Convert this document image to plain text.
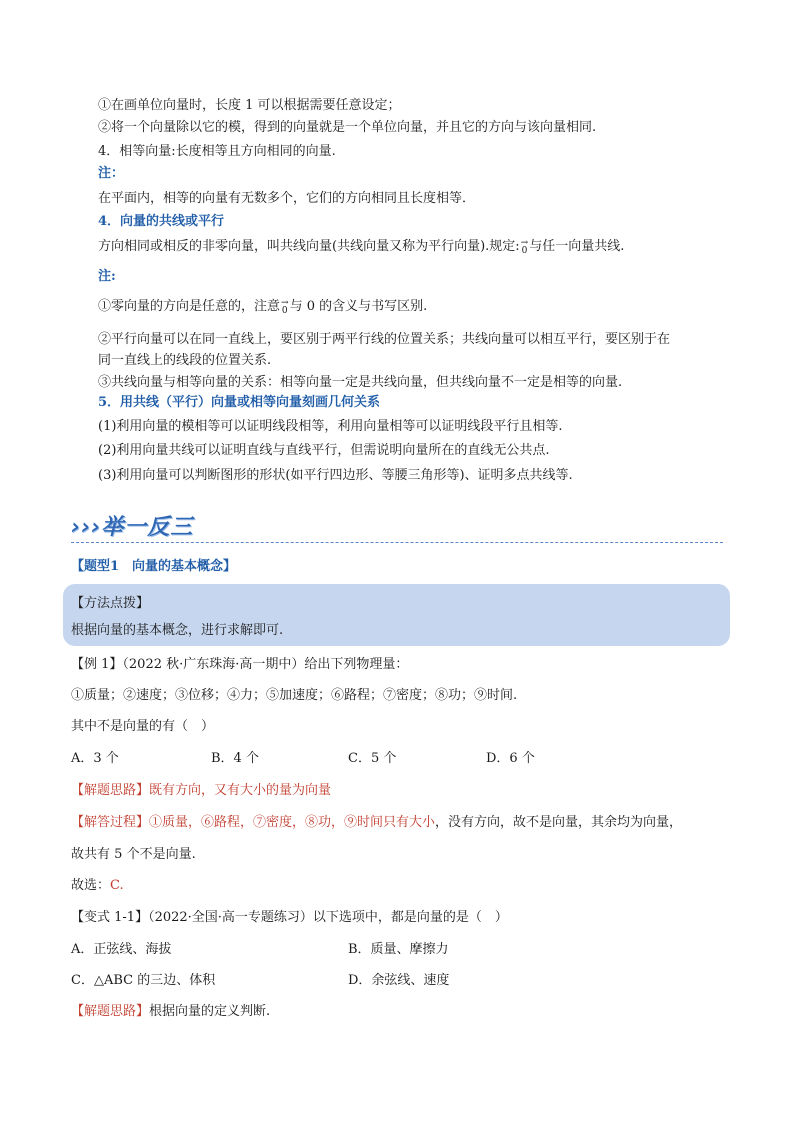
①在画单位向量时，长度 1 可以根据需要任意设定；
②将一个向量除以它的模，得到的向量就是一个单位向量，并且它的方向与该向量相同.
4．相等向量:长度相等且方向相同的向量.
注：
在平面内，相等的向量有无数多个，它们的方向相同且长度相等．
4．向量的共线或平行
方向相同或相反的非零向量，叫共线向量(共线向量又称为平行向量).规定: →
0 与任一向量共线.
注:
①零向量的方向是任意的，注意 →
0 与 0 的含义与书写区别.
②平行向量可以在同一直线上，要区别于两平行线的位置关系；共线向量可以相互平行，要区别于在
同一直线上的线段的位置关系.
③共线向量与相等向量的关系：相等向量一定是共线向量，但共线向量不一定是相等的向量.
5．用共线（平行）向量或相等向量刻画几何关系
(1)利用向量的模相等可以证明线段相等，利用向量相等可以证明线段平行且相等.
(2)利用向量共线可以证明直线与直线平行，但需说明向量所在的直线无公共点.
(3)利用向量可以判断图形的形状(如平行四边形、等腰三角形等)、证明多点共线等.
›››举一反三
【题型1　向量的基本概念】
【方法点拨】
根据向量的基本概念，进行求解即可.
【例 1】（2022 秋·广东珠海·高一期中）给出下列物理量：
①质量；②速度；③位移；④力；⑤加速度；⑥路程；⑦密度；⑧功；⑨时间.
其中不是向量的有（　）
A．3 个	B．4 个	C．5 个	D．6 个
【解题思路】既有方向，又有大小的量为向量
【解答过程】①质量，⑥路程，⑦密度，⑧功，⑨时间只有大小，没有方向，故不是向量，其余均为向量，
故共有 5 个不是向量.
故选：C.
【变式 1-1】（2022·全国·高一专题练习）以下选项中，都是向量的是（　）
A．正弦线、海拔	B．质量、摩擦力
C．△ABC 的三边、体积	D．余弦线、速度
【解题思路】根据向量的定义判断.
